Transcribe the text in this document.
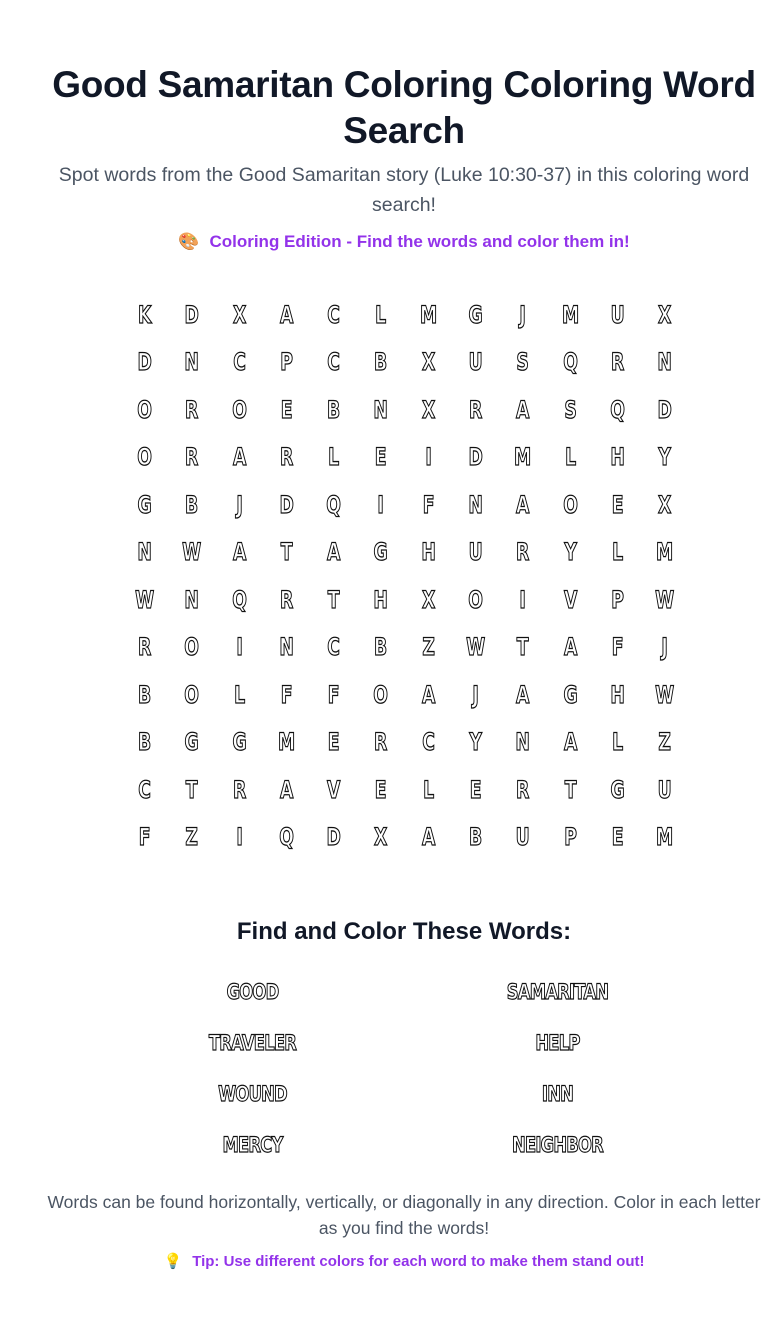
Good Samaritan Coloring Coloring Word Search

Spot words from the Good Samaritan story (Luke 10:30-37) in this coloring word search!

🎨 Coloring Edition - Find the words and color them in!

K	D	X	A	C	L	M	G	J	M	U	X
D	N	C	P	C	B	X	U	S	Q	R	N
O	R	O	E	B	N	X	R	A	S	Q	D
O	R	A	R	L	E	I	D	M	L	H	Y
G	B	J	D	Q	I	F	N	A	O	E	X
N	W	A	T	A	G	H	U	R	Y	L	M
W	N	Q	R	T	H	X	O	I	V	P	W
R	O	I	N	C	B	Z	W	T	A	F	J
B	O	L	F	F	O	A	J	A	G	H	W
B	G	G	M	E	R	C	Y	N	A	L	Z
C	T	R	A	V	E	L	E	R	T	G	U
F	Z	I	Q	D	X	A	B	U	P	E	M
Find and Color These Words:
GOOD	SAMARITAN
TRAVELER	HELP
WOUND	INN
MERCY	NEIGHBOR

Words can be found horizontally, vertically, or diagonally in any direction. Color in each letter as you find the words!

💡 Tip: Use different colors for each word to make them stand out!
